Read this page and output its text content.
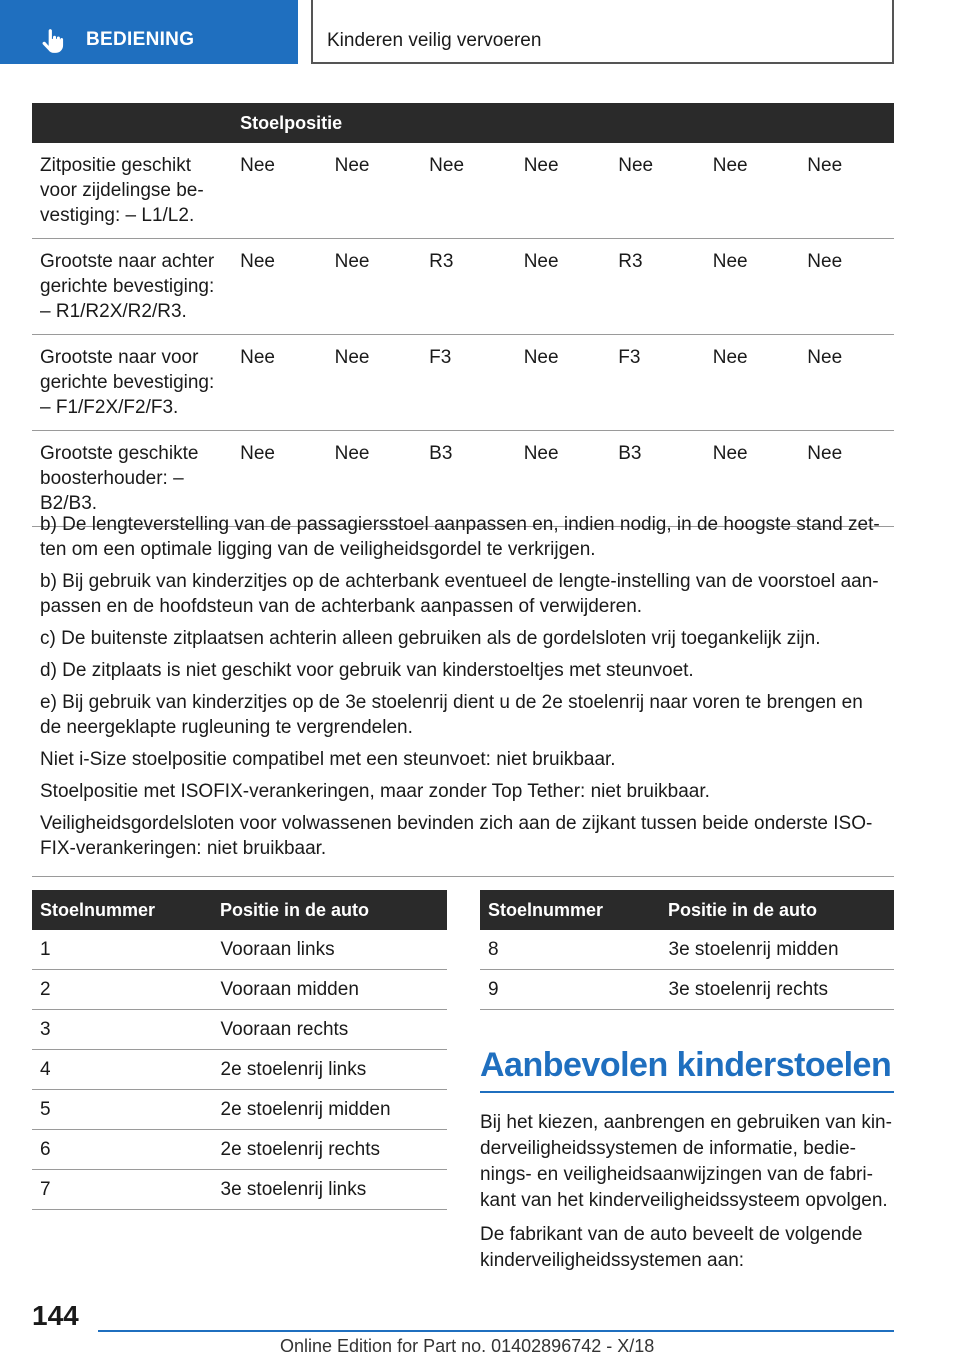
BEDIENING	Kinderen veilig vervoeren
	Stoelpositie						
Zitpositie geschikt voor zijdelingse be-vestiging: – L1/L2.	Nee	Nee	Nee	Nee	Nee	Nee	Nee
Grootste naar achter gerichte bevestiging: – R1/R2X/R2/R3.	Nee	Nee	R3	Nee	R3	Nee	Nee
Grootste naar voor gerichte bevestiging: – F1/F2X/F2/F3.	Nee	Nee	F3	Nee	F3	Nee	Nee
Grootste geschikte boosterhouder: – B2/B3.	Nee	Nee	B3	Nee	B3	Nee	Nee

b) De lengteverstelling van de passagiersstoel aanpassen en, indien nodig, in de hoogste stand zet-ten om een optimale ligging van de veiligheidsgordel te verkrijgen.

b) Bij gebruik van kinderzitjes op de achterbank eventueel de lengte-instelling van de voorstoel aan-passen en de hoofdsteun van de achterbank aanpassen of verwijderen.

c) De buitenste zitplaatsen achterin alleen gebruiken als de gordelsloten vrij toegankelijk zijn.

d) De zitplaats is niet geschikt voor gebruik van kinderstoeltjes met steunvoet.

e) Bij gebruik van kinderzitjes op de 3e stoelenrij dient u de 2e stoelenrij naar voren te brengen en de neergeklapte rugleuning te vergrendelen.

Niet i-Size stoelpositie compatibel met een steunvoet: niet bruikbaar.

Stoelpositie met ISOFIX-verankeringen, maar zonder Top Tether: niet bruikbaar.

Veiligheidsgordelsloten voor volwassenen bevinden zich aan de zijkant tussen beide onderste ISO-FIX-verankeringen: niet bruikbaar.

Stoelnummer	Positie in de auto
1	Vooraan links
2	Vooraan midden
3	Vooraan rechts
4	2e stoelenrij links
5	2e stoelenrij midden
6	2e stoelenrij rechts
7	3e stoelenrij links
Stoelnummer	Positie in de auto
8	3e stoelenrij midden
9	3e stoelenrij rechts
Aanbevolen kinderstoelen

Bij het kiezen, aanbrengen en gebruiken van kin-derveiligheidssystemen de informatie, bedie-nings- en veiligheidsaanwijzingen van de fabri-kant van het kinderveiligheidssysteem opvolgen.

De fabrikant van de auto beveelt de volgende kinderveiligheidssystemen aan:

144
Online Edition for Part no. 01402896742 - X/18
